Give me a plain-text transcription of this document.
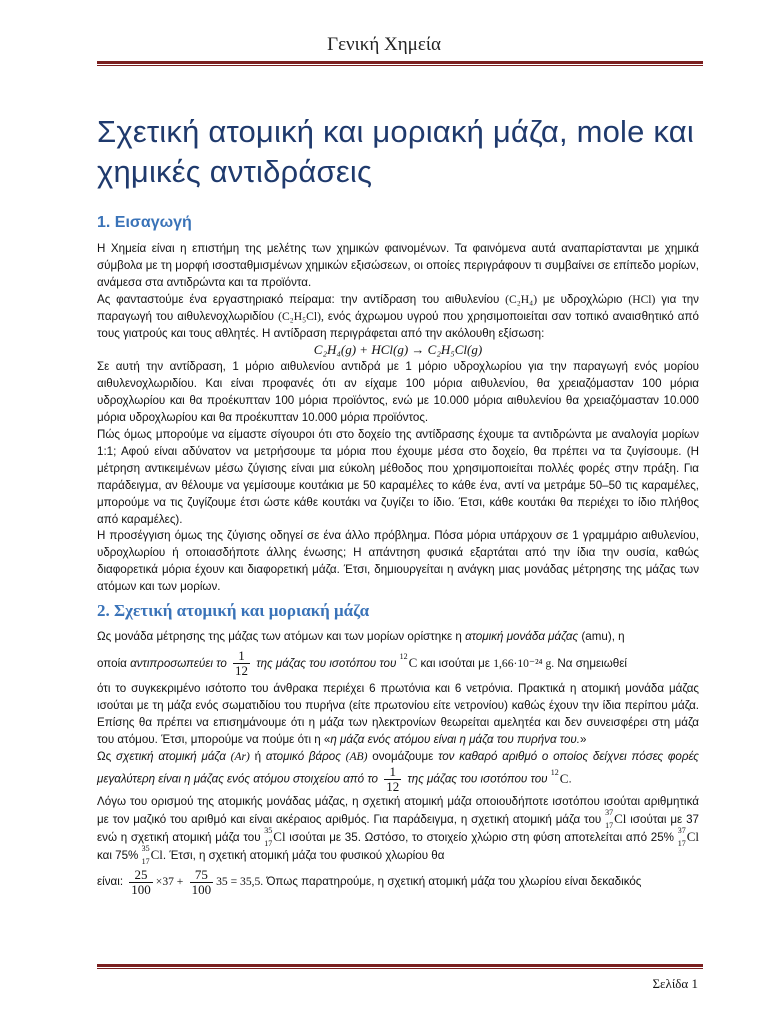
Γενική Χημεία
Σχετική ατομική και μοριακή μάζα, mole και χημικές αντιδράσεις
1. Εισαγωγή

Η Χημεία είναι η επιστήμη της μελέτης των χημικών φαινομένων. Τα φαινόμενα αυτά αναπαρίστανται με χημικά σύμβολα με τη μορφή ισοσταθμισμένων χημικών εξισώσεων, οι οποίες περιγράφουν τι συμβαίνει σε επίπεδο μορίων, ανάμεσα στα αντιδρώντα και τα προϊόντα.

Ας φανταστούμε ένα εργαστηριακό πείραμα: την αντίδραση του αιθυλενίου (C₂H₄) με υδροχλώριο (HCl) για την παραγωγή του αιθυλενοχλωριδίου (C₂H₅Cl), ενός άχρωμου υγρού που χρησιμοποιείται σαν τοπικό αναισθητικό από τους γιατρούς και τους αθλητές. Η αντίδραση περιγράφεται από την ακόλουθη εξίσωση:

C₂H₄(g) + HCl(g) → C₂H₅Cl(g)

Σε αυτή την αντίδραση, 1 μόριο αιθυλενίου αντιδρά με 1 μόριο υδροχλωρίου για την παραγωγή ενός μορίου αιθυλενοχλωριδίου. Και είναι προφανές ότι αν είχαμε 100 μόρια αιθυλενίου, θα χρειαζόμασταν 100 μόρια υδροχλωρίου και θα προέκυπταν 100 μόρια προϊόντος, ενώ με 10.000 μόρια αιθυλενίου θα χρειαζόμασταν 10.000 μόρια υδροχλωρίου και θα προέκυπταν 10.000 μόρια προϊόντος.

Πώς όμως μπορούμε να είμαστε σίγουροι ότι στο δοχείο της αντίδρασης έχουμε τα αντιδρώντα με αναλογία μορίων 1:1; Αφού είναι αδύνατον να μετρήσουμε τα μόρια που έχουμε μέσα στο δοχείο, θα πρέπει να τα ζυγίσουμε. (Η μέτρηση αντικειμένων μέσω ζύγισης είναι μια εύκολη μέθοδος που χρησιμοποιείται πολλές φορές στην πράξη. Για παράδειγμα, αν θέλουμε να γεμίσουμε κουτάκια με 50 καραμέλες το κάθε ένα, αντί να μετράμε 50–50 τις καραμέλες, μπορούμε να τις ζυγίζουμε έτσι ώστε κάθε κουτάκι να ζυγίζει το ίδιο. Έτσι, κάθε κουτάκι θα περιέχει το ίδιο πλήθος από καραμέλες).

Η προσέγγιση όμως της ζύγισης οδηγεί σε ένα άλλο πρόβλημα. Πόσα μόρια υπάρχουν σε 1 γραμμάριο αιθυλενίου, υδροχλωρίου ή οποιασδήποτε άλλης ένωσης; Η απάντηση φυσικά εξαρτάται από την ίδια την ουσία, καθώς διαφορετικά μόρια έχουν και διαφορετική μάζα. Έτσι, δημιουργείται η ανάγκη μιας μονάδας μέτρησης της μάζας των ατόμων και των μορίων.

2. Σχετική ατομική και μοριακή μάζα

Ως μονάδα μέτρησης της μάζας των ατόμων και των μορίων ορίστηκε η ατομική μονάδα μάζας (amu), η

οποία αντιπροσωπεύει το $\frac{1}{12}$ της μάζας του ισοτόπου του
12 C και ισούται με 1,66·10⁻²⁴ g. Να σημειωθεί

ότι το συγκεκριμένο ισότοπο του άνθρακα περιέχει 6 πρωτόνια και 6 νετρόνια. Πρακτικά η ατομική μονάδα μάζας ισούται με τη μάζα ενός σωματιδίου του πυρήνα (είτε πρωτονίου είτε νετρονίου) καθώς έχουν την ίδια περίπου μάζα. Επίσης θα πρέπει να επισημάνουμε ότι η μάζα των ηλεκτρονίων θεωρείται αμελητέα και δεν συνεισφέρει στη μάζα του ατόμου. Έτσι, μπορούμε να πούμε ότι η «η μάζα ενός ατόμου είναι η μάζα του πυρήνα του.»

Ως σχετική ατομική μάζα (Ar) ή ατομικό βάρος (AB) ονομάζουμε τον καθαρό αριθμό ο οποίος δείχνει πόσες φορές μεγαλύτερη είναι η μάζας ενός ατόμου στοιχείου από το $\frac{1}{12}$ της μάζας του ισοτόπου του
12 C.

Λόγω του ορισμού της ατομικής μονάδας μάζας, η σχετική ατομική μάζα οποιουδήποτε ισοτόπου ισούται αριθμητικά με τον μαζικό του αριθμό και είναι ακέραιος αριθμός. Για παράδειγμα, η σχετική ατομική μάζα του
37
17 Cl ισούται με 37 ενώ η σχετική ατομική μάζα του
35
17 Cl ισούται με 35. Ωστόσο, το στοιχείο χλώριο στη φύση αποτελείται από 25%
37
17 Cl και 75%
35
17 Cl. Έτσι, η σχετική ατομική μάζα του φυσικού χλωρίου θα

είναι: $\frac{25}{100} \times 37 + \frac{75}{100} 35 = 35,5$. Όπως παρατηρούμε, η σχετική ατομική μάζα του χλωρίου είναι δεκαδικός

Σελίδα 1
